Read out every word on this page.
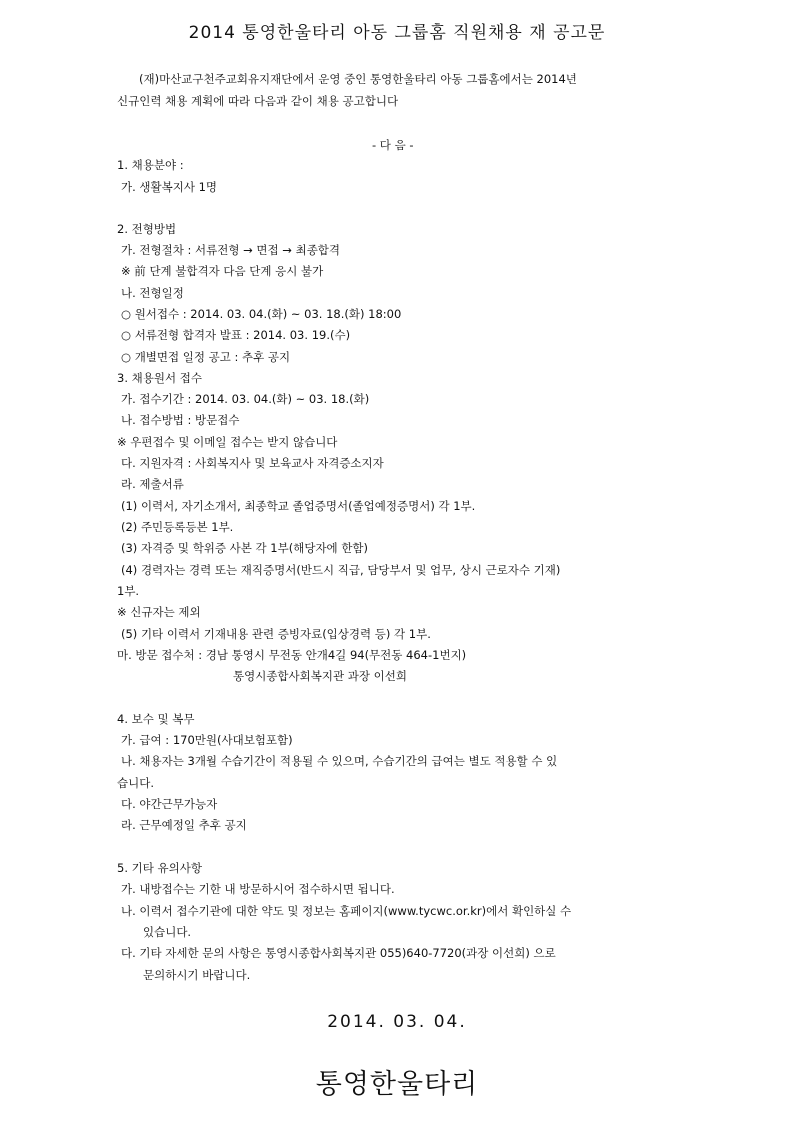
2014 통영한울타리 아동 그룹홈 직원채용 재 공고문
(재)마산교구천주교회유지재단에서 운영 중인 통영한울타리 아동 그룹홈에서는 2014년
신규인력 채용 계획에 따라 다음과 같이 채용 공고합니다
- 다 음 -
1. 채용분야 :
가. 생활복지사 1명
2. 전형방법
가. 전형절차 : 서류전형 → 면접 → 최종합격
※ 前 단계 불합격자 다음 단계 응시 불가
나. 전형일정
○ 원서접수 : 2014. 03. 04.(화) ~ 03. 18.(화) 18:00
○ 서류전형 합격자 발표 : 2014. 03. 19.(수)
○ 개별면접 일정 공고 : 추후 공지
3. 채용원서 접수
가. 접수기간 : 2014. 03. 04.(화) ~ 03. 18.(화)
나. 접수방법 : 방문접수
※ 우편접수 및 이메일 접수는 받지 않습니다
다. 지원자격 : 사회복지사 및 보육교사 자격증소지자
라. 제출서류
(1) 이력서, 자기소개서, 최종학교 졸업증명서(졸업예정증명서) 각 1부.
(2) 주민등록등본 1부.
(3) 자격증 및 학위증 사본 각 1부(해당자에 한함)
(4) 경력자는 경력 또는 재직증명서(반드시 직급, 담당부서 및 업무, 상시 근로자수 기재)
1부.
※ 신규자는 제외
(5) 기타 이력서 기재내용 관련 증빙자료(입상경력 등) 각 1부.
마. 방문 접수처 : 경남 통영시 무전동 안개4길 94(무전동 464-1번지)
통영시종합사회복지관 과장 이선희
4. 보수 및 복무
가. 급여 : 170만원(사대보험포함)
나. 채용자는 3개월 수습기간이 적용될 수 있으며, 수습기간의 급여는 별도 적용할 수 있
습니다.
다. 야간근무가능자
라. 근무예정일 추후 공지
5. 기타 유의사항
가. 내방접수는 기한 내 방문하시어 접수하시면 됩니다.
나. 이력서 접수기관에 대한 약도 및 정보는 홈페이지(www.tycwc.or.kr)에서 확인하실 수
있습니다.
다. 기타 자세한 문의 사항은 통영시종합사회복지관 055)640-7720(과장 이선희) 으로
문의하시기 바랍니다.
2014. 03. 04.
통영한울타리
